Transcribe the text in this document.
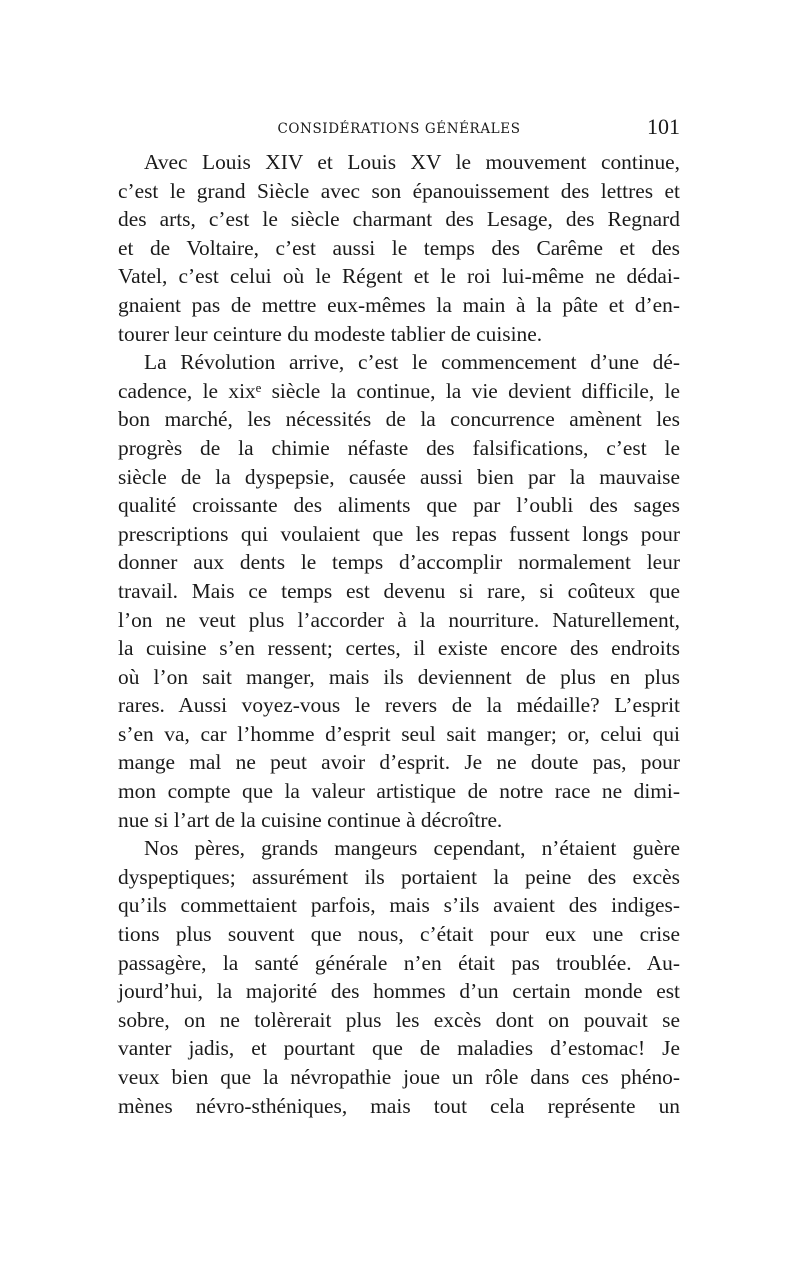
CONSIDÉRATIONS GÉNÉRALES	101
Avec Louis XIV et Louis XV le mouvement continue,
c’est le grand Siècle avec son épanouissement des lettres et
des arts, c’est le siècle charmant des Lesage, des Regnard
et de Voltaire, c’est aussi le temps des Carême et des
Vatel, c’est celui où le Régent et le roi lui-même ne dédai-
gnaient pas de mettre eux-mêmes la main à la pâte et d’en-
tourer leur ceinture du modeste tablier de cuisine.
La Révolution arrive, c’est le commencement d’une dé-
cadence, le xixᵉ siècle la continue, la vie devient difficile, le
bon marché, les nécessités de la concurrence amènent les
progrès de la chimie néfaste des falsifications, c’est le
siècle de la dyspepsie, causée aussi bien par la mauvaise
qualité croissante des aliments que par l’oubli des sages
prescriptions qui voulaient que les repas fussent longs pour
donner aux dents le temps d’accomplir normalement leur
travail. Mais ce temps est devenu si rare, si coûteux que
l’on ne veut plus l’accorder à la nourriture. Naturellement,
la cuisine s’en ressent; certes, il existe encore des endroits
où l’on sait manger, mais ils deviennent de plus en plus
rares. Aussi voyez-vous le revers de la médaille? L’esprit
s’en va, car l’homme d’esprit seul sait manger; or, celui qui
mange mal ne peut avoir d’esprit. Je ne doute pas, pour
mon compte que la valeur artistique de notre race ne dimi-
nue si l’art de la cuisine continue à décroître.
Nos pères, grands mangeurs cependant, n’étaient guère
dyspeptiques; assurément ils portaient la peine des excès
qu’ils commettaient parfois, mais s’ils avaient des indiges-
tions plus souvent que nous, c’était pour eux une crise
passagère, la santé générale n’en était pas troublée. Au-
jourd’hui, la majorité des hommes d’un certain monde est
sobre, on ne tolèrerait plus les excès dont on pouvait se
vanter jadis, et pourtant que de maladies d’estomac! Je
veux bien que la névropathie joue un rôle dans ces phéno-
mènes névro-sthéniques, mais tout cela représente un
